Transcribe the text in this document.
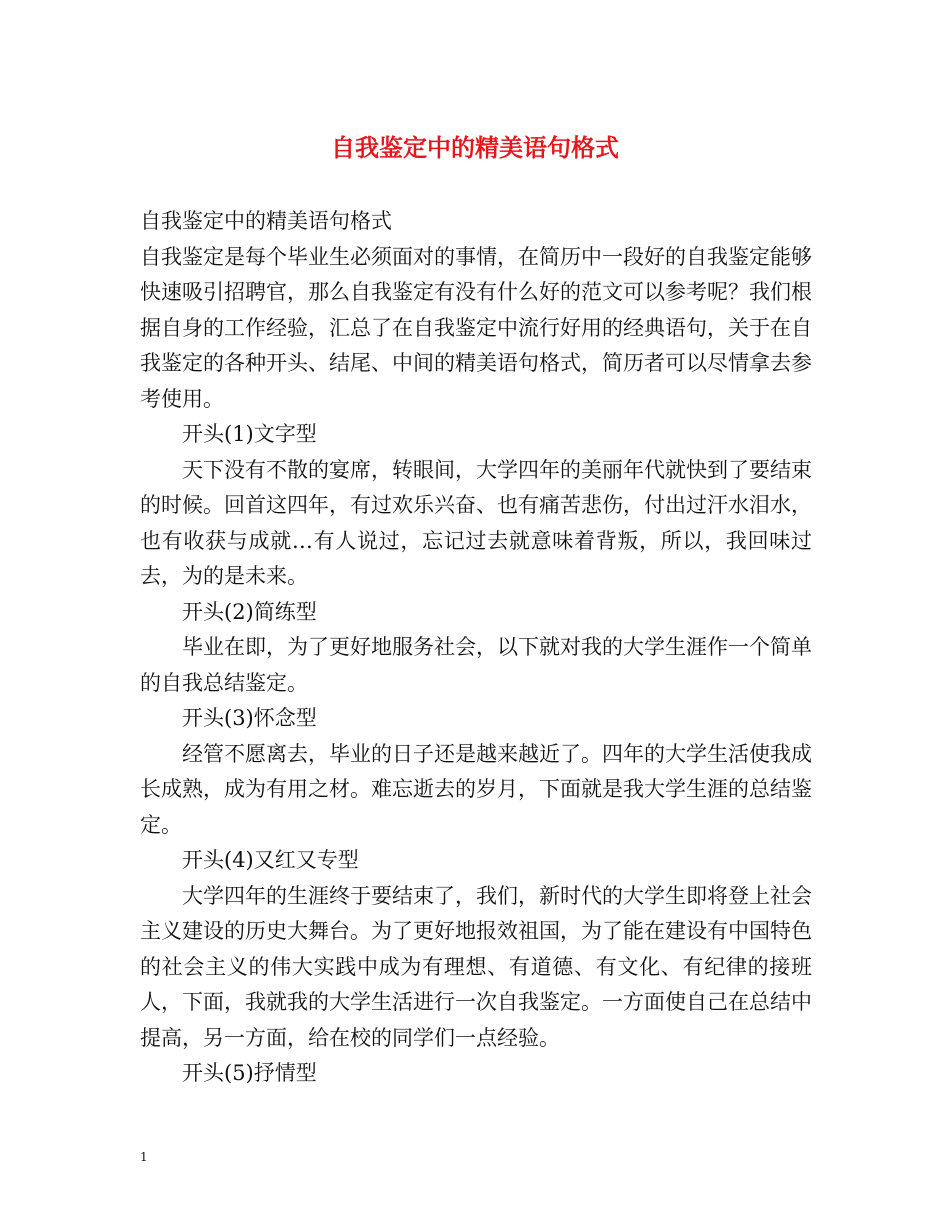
自我鉴定中的精美语句格式

自我鉴定中的精美语句格式

自我鉴定是每个毕业生必须面对的事情，在简历中一段好的自我鉴定能够快速吸引招聘官，那么自我鉴定有没有什么好的范文可以参考呢？我们根据自身的工作经验，汇总了在自我鉴定中流行好用的经典语句，关于在自我鉴定的各种开头、结尾、中间的精美语句格式，简历者可以尽情拿去参考使用。

开头(1)文字型

天下没有不散的宴席，转眼间，大学四年的美丽年代就快到了要结束的时候。回首这四年，有过欢乐兴奋、也有痛苦悲伤，付出过汗水泪水，也有收获与成就…有人说过，忘记过去就意味着背叛，所以，我回味过去，为的是未来。

开头(2)简练型

毕业在即，为了更好地服务社会，以下就对我的大学生涯作一个简单的自我总结鉴定。

开头(3)怀念型

经管不愿离去，毕业的日子还是越来越近了。四年的大学生活使我成长成熟，成为有用之材。难忘逝去的岁月，下面就是我大学生涯的总结鉴定。

开头(4)又红又专型

大学四年的生涯终于要结束了，我们，新时代的大学生即将登上社会主义建设的历史大舞台。为了更好地报效祖国，为了能在建设有中国特色的社会主义的伟大实践中成为有理想、有道德、有文化、有纪律的接班人，下面，我就我的大学生活进行一次自我鉴定。一方面使自己在总结中提高，另一方面，给在校的同学们一点经验。

开头(5)抒情型

1
